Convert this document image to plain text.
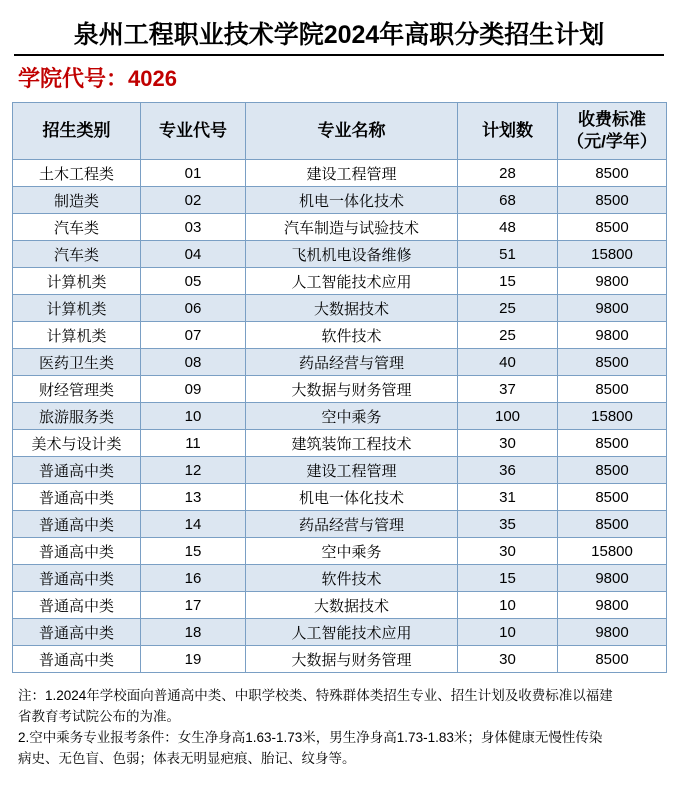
泉州工程职业技术学院2024年高职分类招生计划
学院代号：4026
招生类别	专业代号	专业名称	计划数	收费标准
（元/学年）

土木工程类	01	建设工程管理	28	8500
制造类	02	机电一体化技术	68	8500
汽车类	03	汽车制造与试验技术	48	8500
汽车类	04	飞机机电设备维修	51	15800
计算机类	05	人工智能技术应用	15	9800
计算机类	06	大数据技术	25	9800
计算机类	07	软件技术	25	9800
医药卫生类	08	药品经营与管理	40	8500
财经管理类	09	大数据与财务管理	37	8500
旅游服务类	10	空中乘务	100	15800
美术与设计类	11	建筑装饰工程技术	30	8500
普通高中类	12	建设工程管理	36	8500
普通高中类	13	机电一体化技术	31	8500
普通高中类	14	药品经营与管理	35	8500
普通高中类	15	空中乘务	30	15800
普通高中类	16	软件技术	15	9800
普通高中类	17	大数据技术	10	9800
普通高中类	18	人工智能技术应用	10	9800
普通高中类	19	大数据与财务管理	30	8500

注：1.2024年学校面向普通高中类、中职学校类、特殊群体类招生专业、招生计划及收费标准以福建

省教育考试院公布的为准。

2.空中乘务专业报考条件：女生净身高1.63-1.73米，男生净身高1.73-1.83米；身体健康无慢性传染

病史、无色盲、色弱；体表无明显疤痕、胎记、纹身等。
